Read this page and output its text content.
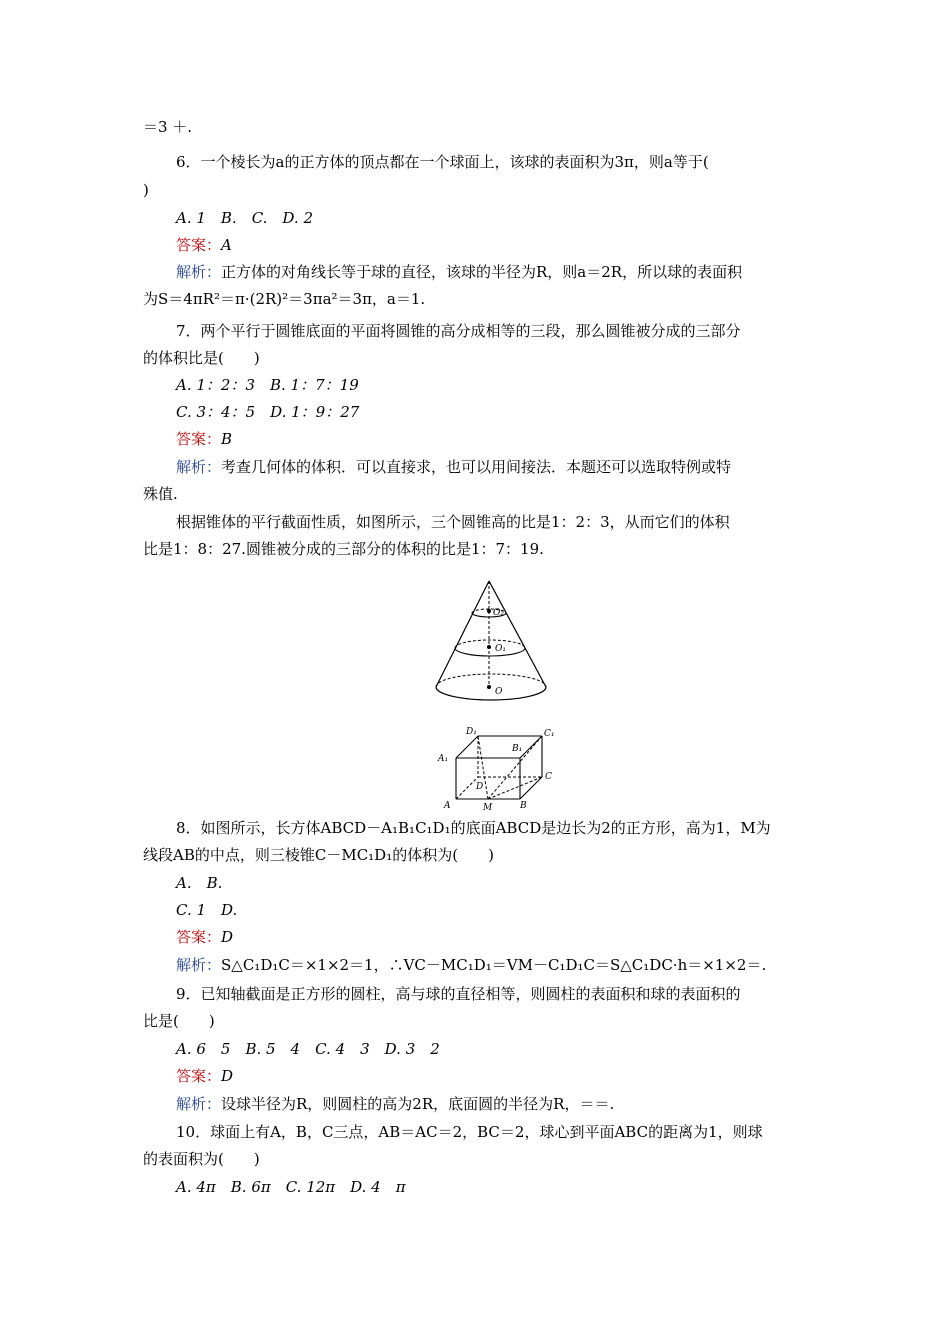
＝3 ＋.
6．一个棱长为a的正方体的顶点都在一个球面上，该球的表面积为3π，则a等于(
)
A. 1　B.　C.　D. 2
答案：A
解析：正方体的对角线长等于球的直径，该球的半径为R，则a＝2R，所以球的表面积
为S＝4πR²＝π·(2R)²＝3πa²＝3π，a＝1.
7．两个平行于圆锥底面的平面将圆锥的高分成相等的三段，那么圆锥被分成的三部分
的体积比是(　　)
A. 1：2：3　B. 1：7：19
C. 3：4：5　D. 1：9：27
答案：B
解析：考查几何体的体积．可以直接求，也可以用间接法．本题还可以选取特例或特
殊值.
根据锥体的平行截面性质，如图所示，三个圆锥高的比是1：2：3，从而它们的体积
比是1：8：27.圆锥被分成的三部分的体积的比是1：7：19.
O₂
O₁
O
D₁	C₁
B₁
A₁
C
D
A	M	B
8．如图所示，长方体ABCD－A₁B₁C₁D₁的底面ABCD是边长为2的正方形，高为1，M为
线段AB的中点，则三棱锥C－MC₁D₁的体积为(　　)
A.　B.
C. 1　D.
答案：D
解析：S△C₁D₁C＝×1×2＝1，∴VC－MC₁D₁＝VM－C₁D₁C＝S△C₁DC·h＝×1×2＝.
9．已知轴截面是正方形的圆柱，高与球的直径相等，则圆柱的表面积和球的表面积的
比是(　　)
A. 6　5　B. 5　4　C. 4　3　D. 3　2
答案：D
解析：设球半径为R，则圆柱的高为2R，底面圆的半径为R，＝＝.
10．球面上有A，B，C三点，AB＝AC＝2，BC＝2，球心到平面ABC的距离为1，则球
的表面积为(　　)
A. 4π　B. 6π　C. 12π　D. 4　π
